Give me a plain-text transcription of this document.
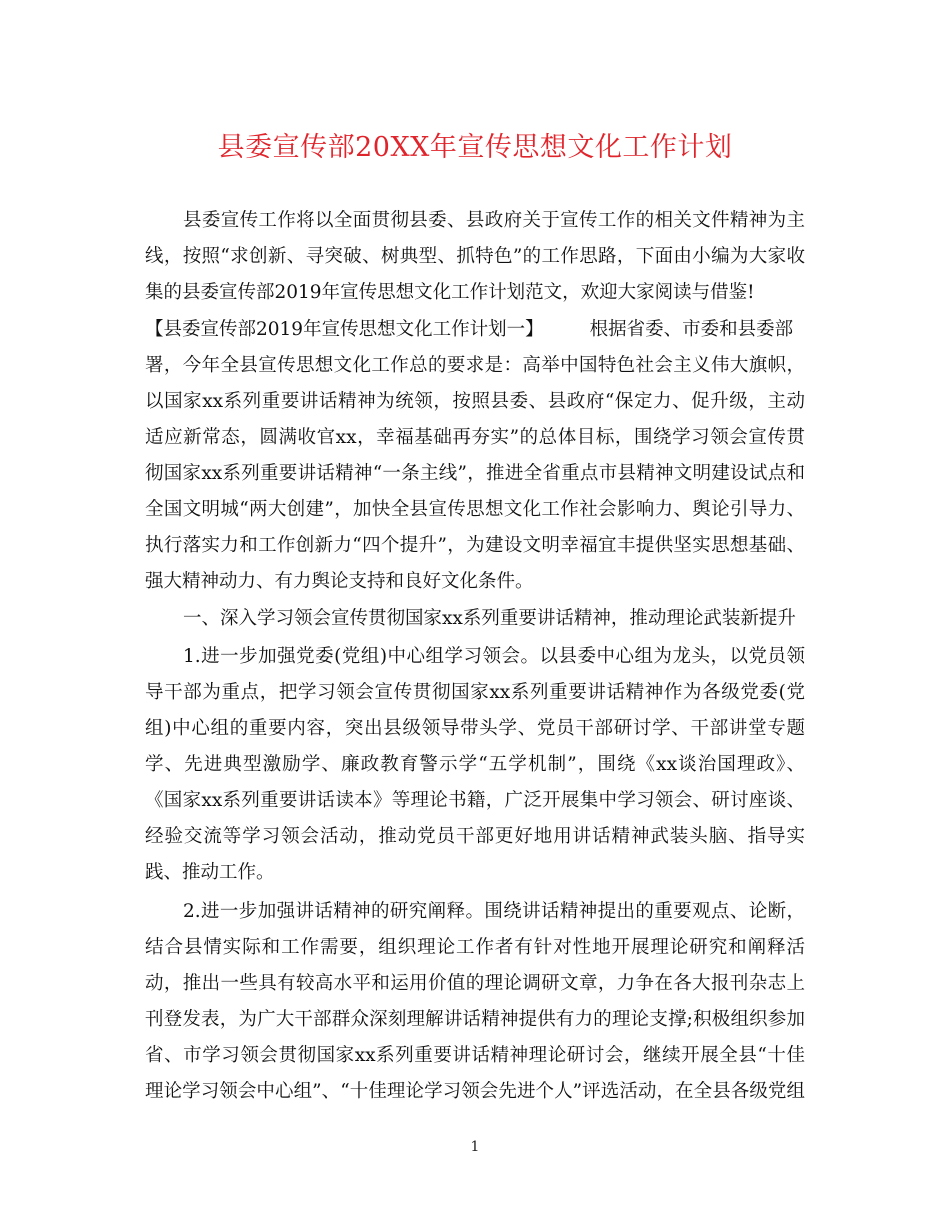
县委宣传部20XX年宣传思想文化工作计划
县委宣传工作将以全面贯彻县委、县政府关于宣传工作的相关文件精神为主
线，按照“求创新、寻突破、树典型、抓特色”的工作思路，下面由小编为大家收
集的县委宣传部2019年宣传思想文化工作计划范文，欢迎大家阅读与借鉴!
【县委宣传部2019年宣传思想文化工作计划一】 根据省委、市委和县委部
署，今年全县宣传思想文化工作总的要求是：高举中国特色社会主义伟大旗帜，
以国家xx系列重要讲话精神为统领，按照县委、县政府“保定力、促升级，主动
适应新常态，圆满收官xx，幸福基础再夯实”的总体目标，围绕学习领会宣传贯
彻国家xx系列重要讲话精神“一条主线”，推进全省重点市县精神文明建设试点和
全国文明城“两大创建”，加快全县宣传思想文化工作社会影响力、舆论引导力、
执行落实力和工作创新力“四个提升”，为建设文明幸福宜丰提供坚实思想基础、
强大精神动力、有力舆论支持和良好文化条件。
一、深入学习领会宣传贯彻国家xx系列重要讲话精神，推动理论武装新提升
1.进一步加强党委(党组)中心组学习领会。以县委中心组为龙头，以党员领
导干部为重点，把学习领会宣传贯彻国家xx系列重要讲话精神作为各级党委(党
组)中心组的重要内容，突出县级领导带头学、党员干部研讨学、干部讲堂专题
学、先进典型激励学、廉政教育警示学“五学机制”，围绕《xx谈治国理政》、
《国家xx系列重要讲话读本》等理论书籍，广泛开展集中学习领会、研讨座谈、
经验交流等学习领会活动，推动党员干部更好地用讲话精神武装头脑、指导实
践、推动工作。
2.进一步加强讲话精神的研究阐释。围绕讲话精神提出的重要观点、论断，
结合县情实际和工作需要，组织理论工作者有针对性地开展理论研究和阐释活
动，推出一些具有较高水平和运用价值的理论调研文章，力争在各大报刊杂志上
刊登发表，为广大干部群众深刻理解讲话精神提供有力的理论支撑;积极组织参加
省、市学习领会贯彻国家xx系列重要讲话精神理论研讨会，继续开展全县“十佳
理论学习领会中心组”、“十佳理论学习领会先进个人”评选活动，在全县各级党组
1
